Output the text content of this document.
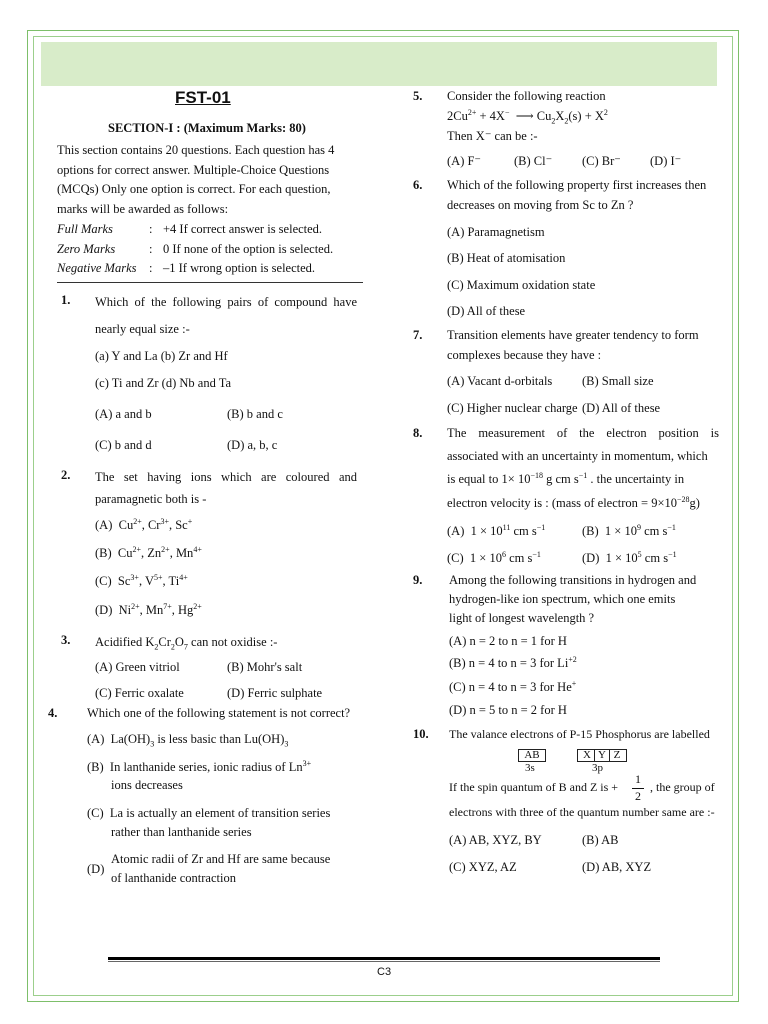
FST-01
SECTION-I : (Maximum Marks: 80)
This section contains 20 questions. Each question has 4
options for correct answer. Multiple-Choice Questions
(MCQs) Only one option is correct. For each question,
marks will be awarded as follows:
Full Marks	: +4 If correct answer is selected.
Zero Marks	: 0 If none of the option is selected.
Negative Marks : –1 If wrong option is selected.
1. Which of the following pairs of compound have
nearly equal size :-
(a) Y and La (b) Zr and Hf
(c) Ti and Zr (d) Nb and Ta
(A) a and b	(B) b and c
(C) b and d	(D) a, b, c
2. The set having ions which are coloured and
paramagnetic both is -
(A)  $Cu^{2+}$, $Cr^{3+}$, Sc+
(B)  $Cu^{2+}$, $Zn^{2+}$, $Mn^{4+}$
(C)  $Sc^{3+}$, $V^{5+}$, $Ti^{4+}$
(D)  $Ni^{2+}$, $Mn^{7+}$, $Hg^{2+}$
3. Acidified $K_2Cr_2O_7$ can not oxidise :-
(A) Green vitriol	(B) Mohr's salt
(C) Ferric oxalate	(D) Ferric sulphate
4. Which one of the following statement is not correct?
(A)  $La(OH)_3$ is less basic than $Lu(OH)_3$
(B) In lanthanide series, ionic radius of $Ln^{3+}$
ions decreases
(C) La is actually an element of transition series
rather than lanthanide series
(D)
Atomic radii of Zr and Hf are same because
of lanthanide contraction
5. Consider the following reaction
$2Cu^{2+} + 4X^-$  ⟶ $Cu_2X_2(s) + X^2$
Then X⁻ can be :-
(A) F⁻	(B) Cl⁻ (C) Br⁻ (D) I⁻
6. Which of the following property first increases then
decreases on moving from Sc to Zn ?
(A) Paramagnetism
(B) Heat of atomisation
(C) Maximum oxidation state
(D) All of these
7. Transition elements have greater tendency to form
complexes because they have :
(A) Vacant d-orbitals (B) Small size
(C) Higher nuclear charge (D) All of these
8. The measurement of the electron position is
associated with an uncertainty in momentum, which
is equal to $1\times 10^{-18}$ g cm $s^{-1}$ . the uncertainty in
electron velocity is : (mass of electron = $9\times 10^{-28}g$)
(A)  $1 \times 10^{11}$ cm $s^{-1}$	(B)  $1 \times 10^9$ cm $s^{-1}$
(C)  $1 \times 10^6$ cm $s^{-1}$	(D)  $1 \times 10^5$ cm $s^{-1}$
9. Among the following transitions in hydrogen and
hydrogen-like ion spectrum, which one emits
light of longest wavelength ?
(A) n = 2 to n = 1 for H
(B) n = 4 to n = 3 for $Li^{+2}$
(C) n = 4 to n = 3 for He+
(D) n = 5 to n = 2 for H
10. The valance electrons of P-15 Phosphorus are labelled
AB	X Y Z
3s	3p
If the spin quantum of B and Z is +
1
2
, the group of
electrons with three of the quantum number same are :-
(A) AB, XYZ, BY	(B) AB
(C) XYZ, AZ	(D) AB, XYZ
C3
